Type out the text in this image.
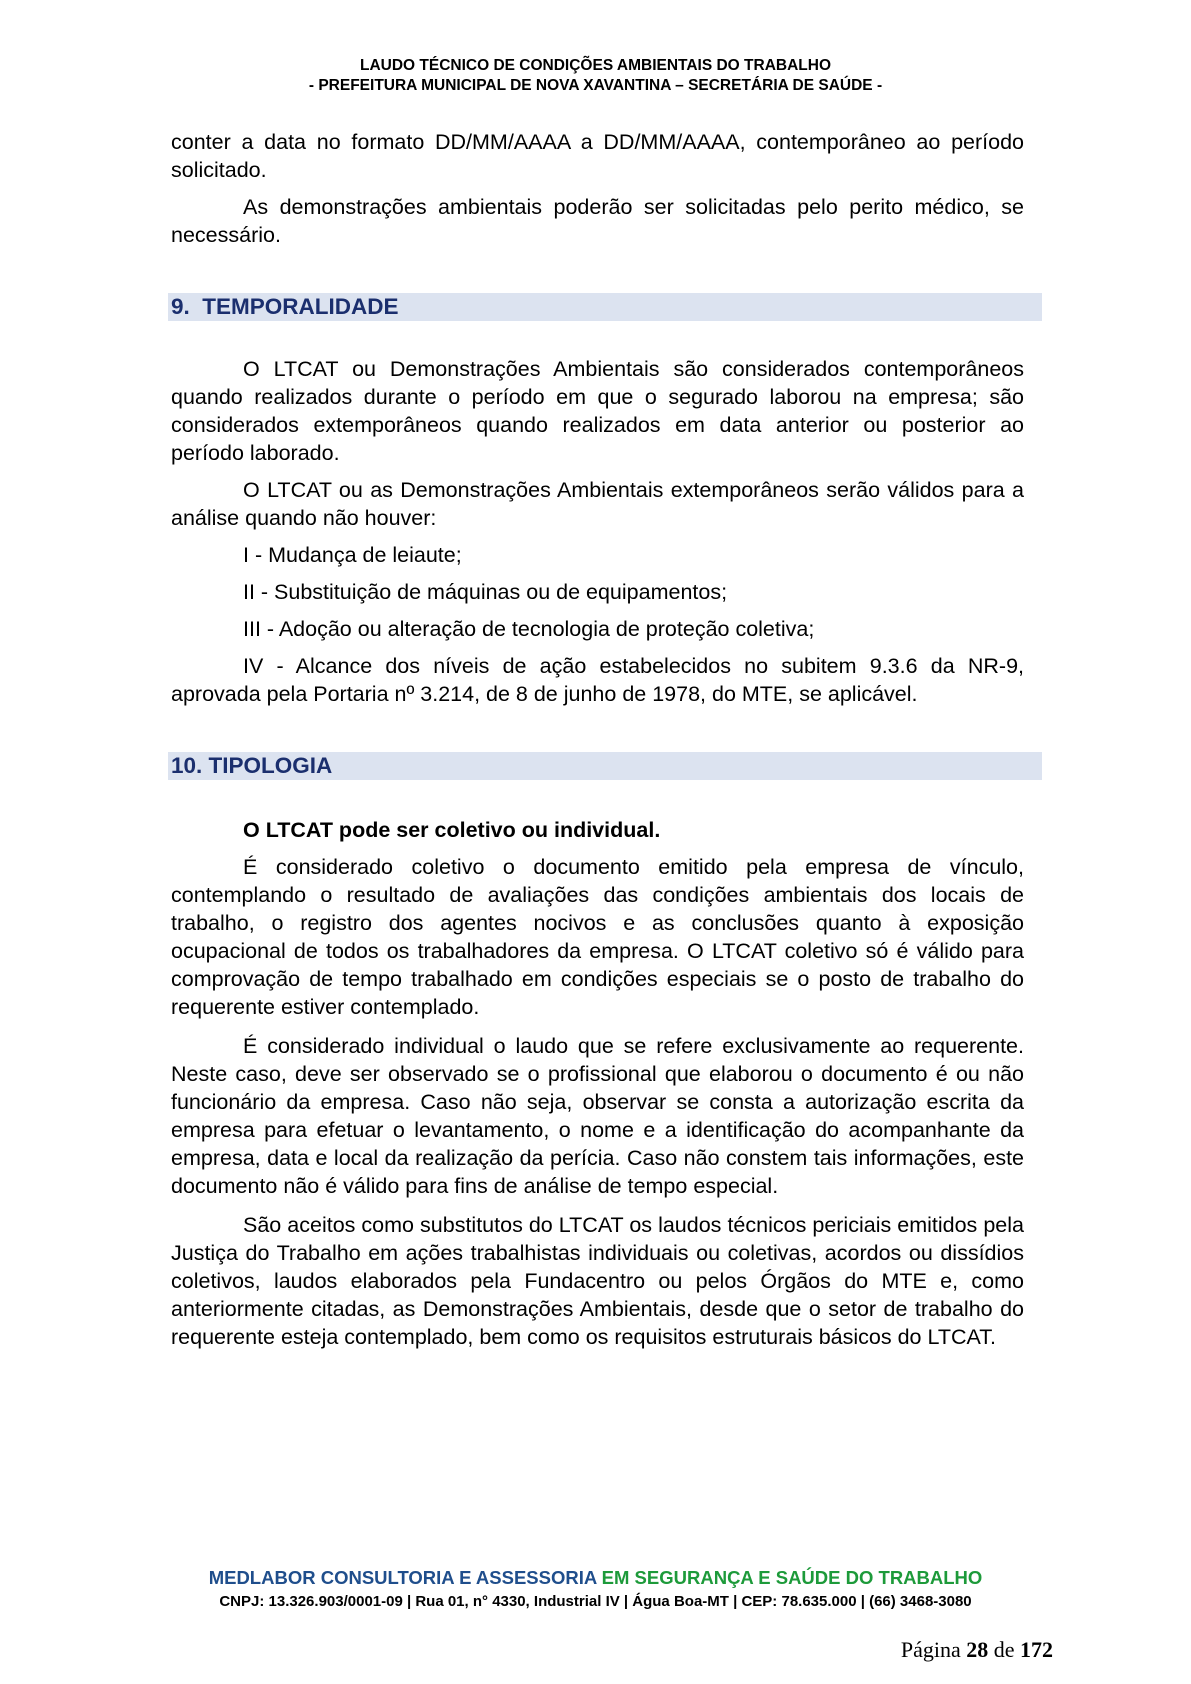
LAUDO TÉCNICO DE CONDIÇÕES AMBIENTAIS DO TRABALHO
- PREFEITURA MUNICIPAL DE NOVA XAVANTINA – SECRETÁRIA DE SAÚDE -

conter a data no formato DD/MM/AAAA a DD/MM/AAAA, contemporâneo ao período solicitado.

As demonstrações ambientais poderão ser solicitadas pelo perito médico, se necessário.

9.  TEMPORALIDADE

O LTCAT ou Demonstrações Ambientais são considerados contemporâneos quando realizados durante o período em que o segurado laborou na empresa; são considerados extemporâneos quando realizados em data anterior ou posterior ao período laborado.

O LTCAT ou as Demonstrações Ambientais extemporâneos serão válidos para a análise quando não houver:

I - Mudança de leiaute;

II - Substituição de máquinas ou de equipamentos;

III - Adoção ou alteração de tecnologia de proteção coletiva;

IV - Alcance dos níveis de ação estabelecidos no subitem 9.3.6 da NR-9, aprovada pela Portaria nº 3.214, de 8 de junho de 1978, do MTE, se aplicável.

10. TIPOLOGIA

O LTCAT pode ser coletivo ou individual.

É considerado coletivo o documento emitido pela empresa de vínculo, contemplando o resultado de avaliações das condições ambientais dos locais de trabalho, o registro dos agentes nocivos e as conclusões quanto à exposição ocupacional de todos os trabalhadores da empresa. O LTCAT coletivo só é válido para comprovação de tempo trabalhado em condições especiais se o posto de trabalho do requerente estiver contemplado.

É considerado individual o laudo que se refere exclusivamente ao requerente. Neste caso, deve ser observado se o profissional que elaborou o documento é ou não funcionário da empresa. Caso não seja, observar se consta a autorização escrita da empresa para efetuar o levantamento, o nome e a identificação do acompanhante da empresa, data e local da realização da perícia. Caso não constem tais informações, este documento não é válido para fins de análise de tempo especial.

São aceitos como substitutos do LTCAT os laudos técnicos periciais emitidos pela Justiça do Trabalho em ações trabalhistas individuais ou coletivas, acordos ou dissídios coletivos, laudos elaborados pela Fundacentro ou pelos Órgãos do MTE e, como anteriormente citadas, as Demonstrações Ambientais, desde que o setor de trabalho do requerente esteja contemplado, bem como os requisitos estruturais básicos do LTCAT.

MEDLABOR CONSULTORIA E ASSESSORIA EM SEGURANÇA E SAÚDE DO TRABALHO
CNPJ: 13.326.903/0001-09 | Rua 01, n° 4330, Industrial IV | Água Boa-MT | CEP: 78.635.000 | (66) 3468-3080
Página 28 de 172
